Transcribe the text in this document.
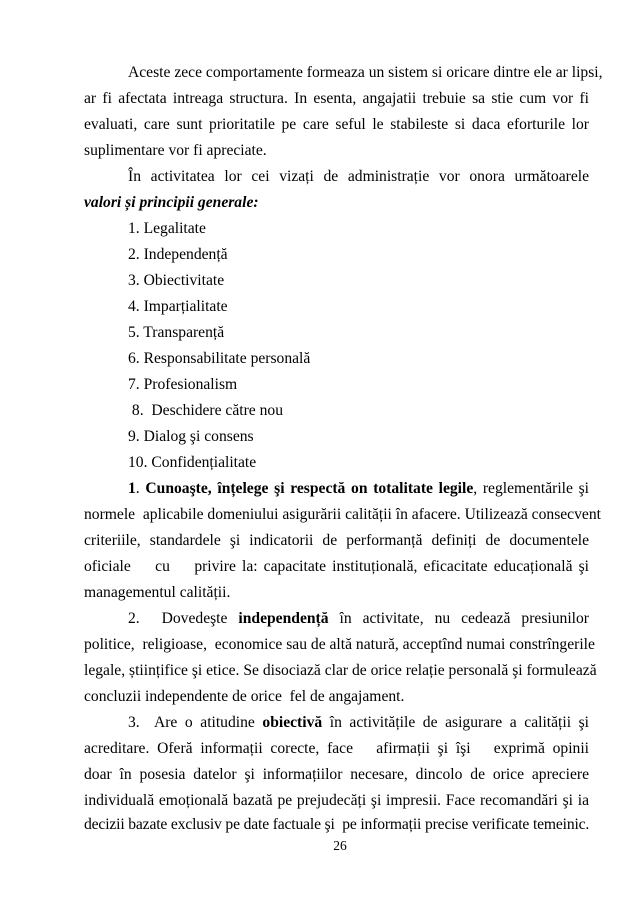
Aceste zece comportamente formeaza un sistem si oricare dintre ele ar lipsi,
ar fi afectata intreaga structura. In esenta, angajatii trebuie sa stie cum vor fi
evaluati, care sunt prioritatile pe care seful le stabileste si daca eforturile lor
suplimentare vor fi apreciate.
În activitatea lor cei vizați de administrație vor onora următoarele
valori și principii generale:
1. Legalitate
2. Independență
3. Obiectivitate
4. Imparțialitate
5. Transparență
6. Responsabilitate personală
7. Profesionalism
8.  Deschidere către nou
9. Dialog şi consens
10. Confidențialitate
1. Cunoaşte, înțelege şi respectă on totalitate legile, reglementările şi
normele  aplicabile domeniului asigurării calității în afacere. Utilizează consecvent
criteriile,  standardele  şi  indicatorii  de  performanță  definiți  de  documentele
oficiale    cu    privire la: capacitate instituțională, eficacitate educațională şi
managementul calității.
2.  Dovedeşte independență în activitate, nu cedează presiunilor
politice,  religioase,  economice sau de altă natură, acceptînd numai constrîngerile
legale, științifice şi etice. Se disociază clar de orice relație personală şi formulează
concluzii independente de orice  fel de angajament.
3.  Are o atitudine obiectivă în activitățile de asigurare a calității şi
acreditare. Oferă informații corecte, face   afirmații şi îşi   exprimă opinii
doar în posesia datelor şi informațiilor necesare, dincolo de orice apreciere
individuală emoțională bazată pe prejudecăți şi impresii. Face recomandări şi ia
decizii bazate exclusiv pe date factuale şi  pe informații precise verificate temeinic.
26
